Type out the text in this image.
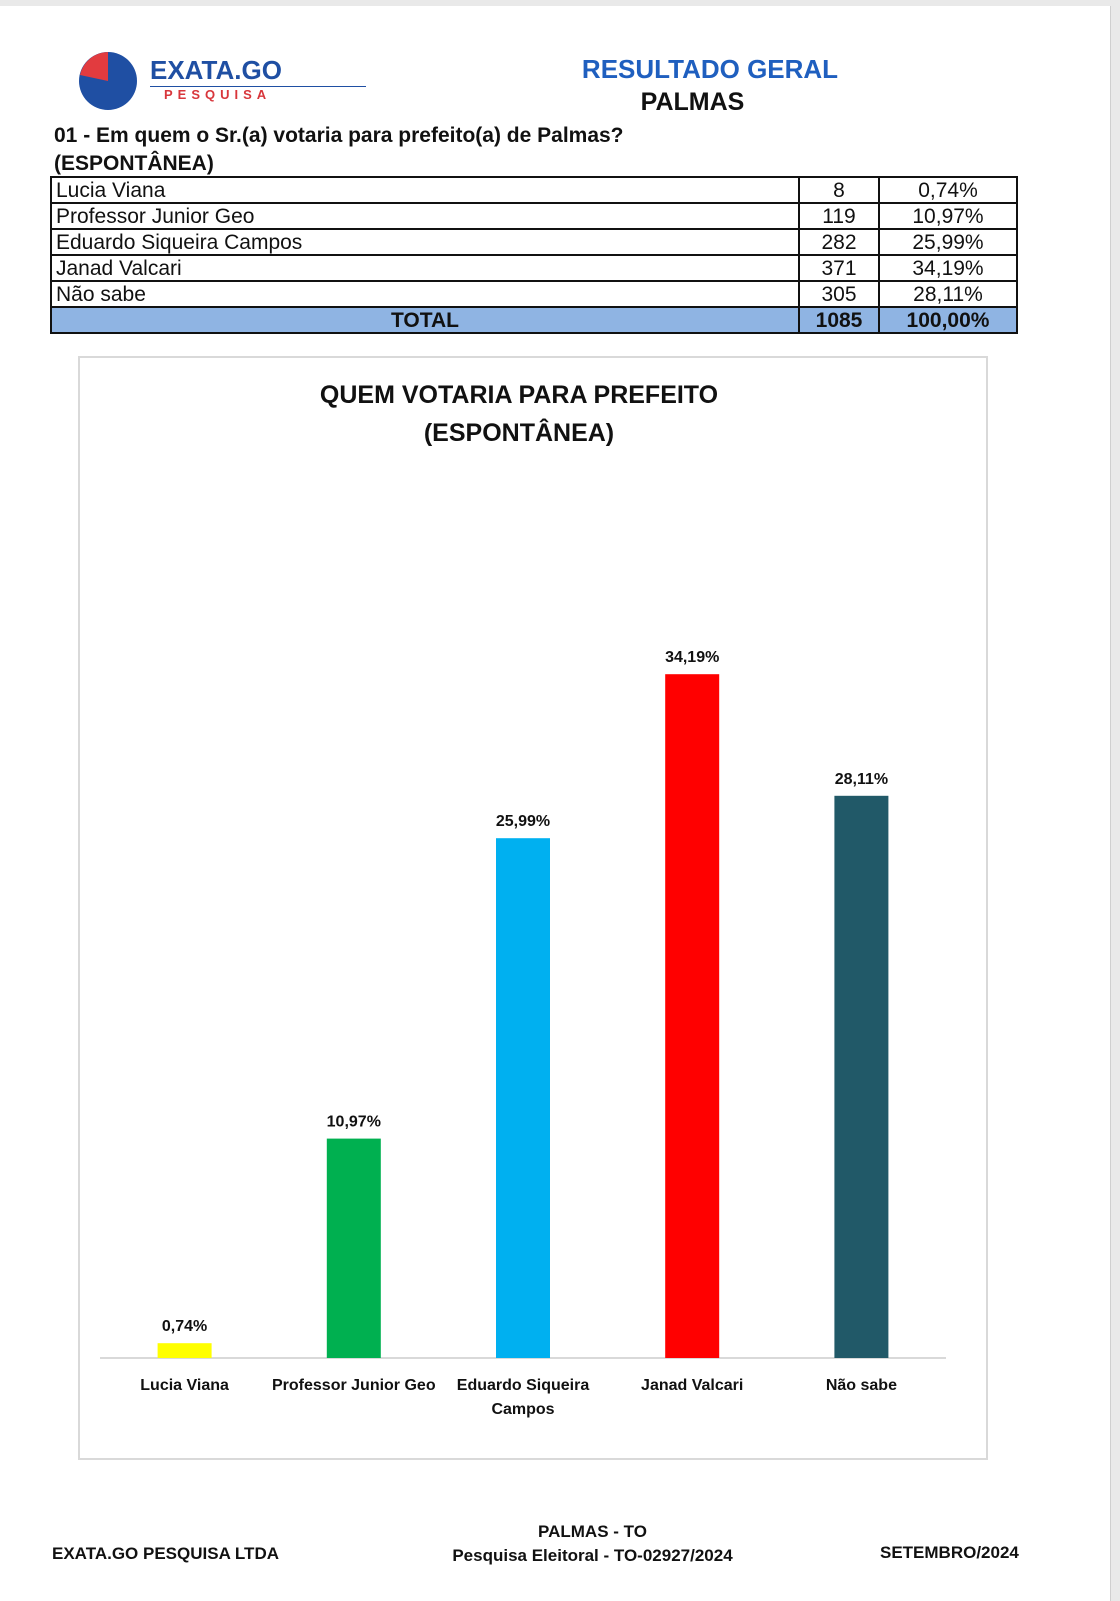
EXATA.GO
PESQUISA
RESULTADO GERAL
PALMAS
01 - Em quem o Sr.(a) votaria para prefeito(a) de Palmas?
(ESPONTÂNEA)
Lucia Viana	8	0,74%
Professor Junior Geo	119	10,97%
Eduardo Siqueira Campos	282	25,99%
Janad Valcari	371	34,19%
Não sabe	305	28,11%
TOTAL	1085	100,00%
QUEM VOTARIA PARA PREFEITO
(ESPONTÂNEA)
0,74%
Lucia Viana
10,97%
Professor Junior Geo
25,99%
Eduardo Siqueira
Campos
34,19%
Janad Valcari
28,11%
Não sabe
EXATA.GO PESQUISA LTDA
PALMAS - TO
Pesquisa Eleitoral - TO-02927/2024	SETEMBRO/2024
